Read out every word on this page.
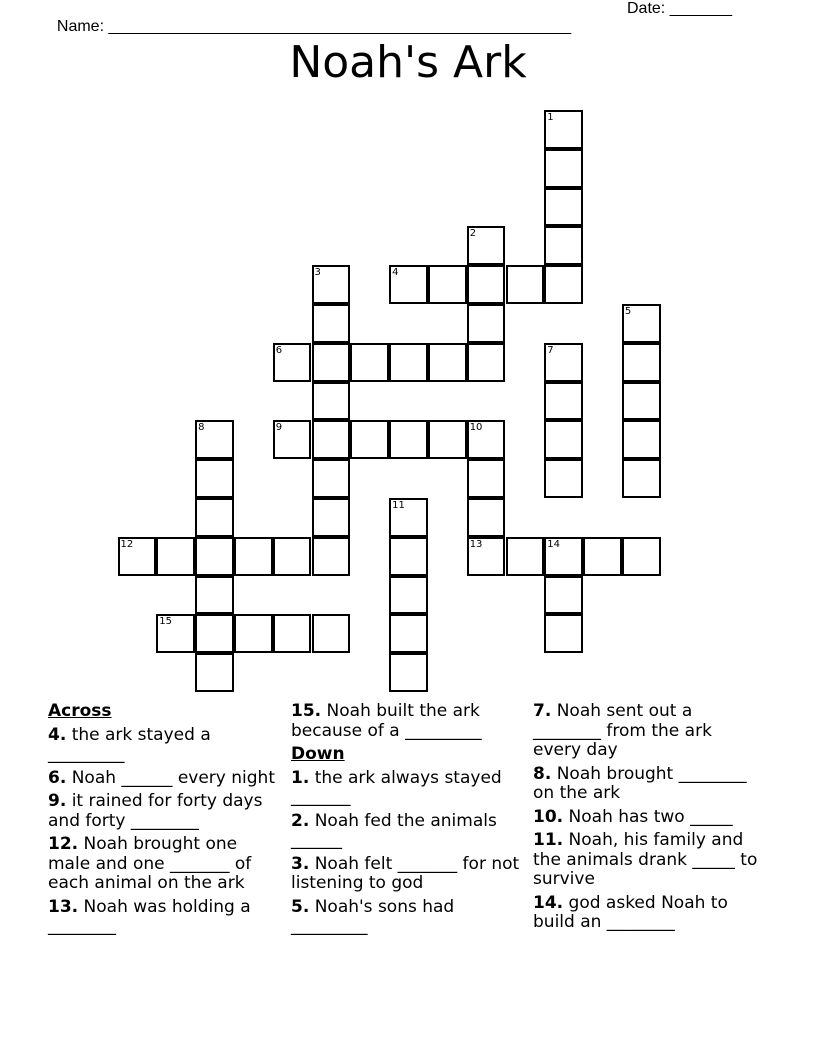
Name: ____________________________________________________

Date: _______

Noah's Ark
4
6
9	10
12	13	14
15
1
2
3
5
7
8
11
Across
4. the ark stayed a _________
6. Noah ______ every night
9. it rained for forty days and forty ________
12. Noah brought one male and one _______ of each animal on the ark
13. Noah was holding a ________
15. Noah built the ark because of a _________
Down
1. the ark always stayed _______
2. Noah fed the animals ______
3. Noah felt _______ for not listening to god
5. Noah's sons had _________
7. Noah sent out a ________ from the ark every day
8. Noah brought ________ on the ark
10. Noah has two _____
11. Noah, his family and the animals drank _____ to survive
14. god asked Noah to build an ________
